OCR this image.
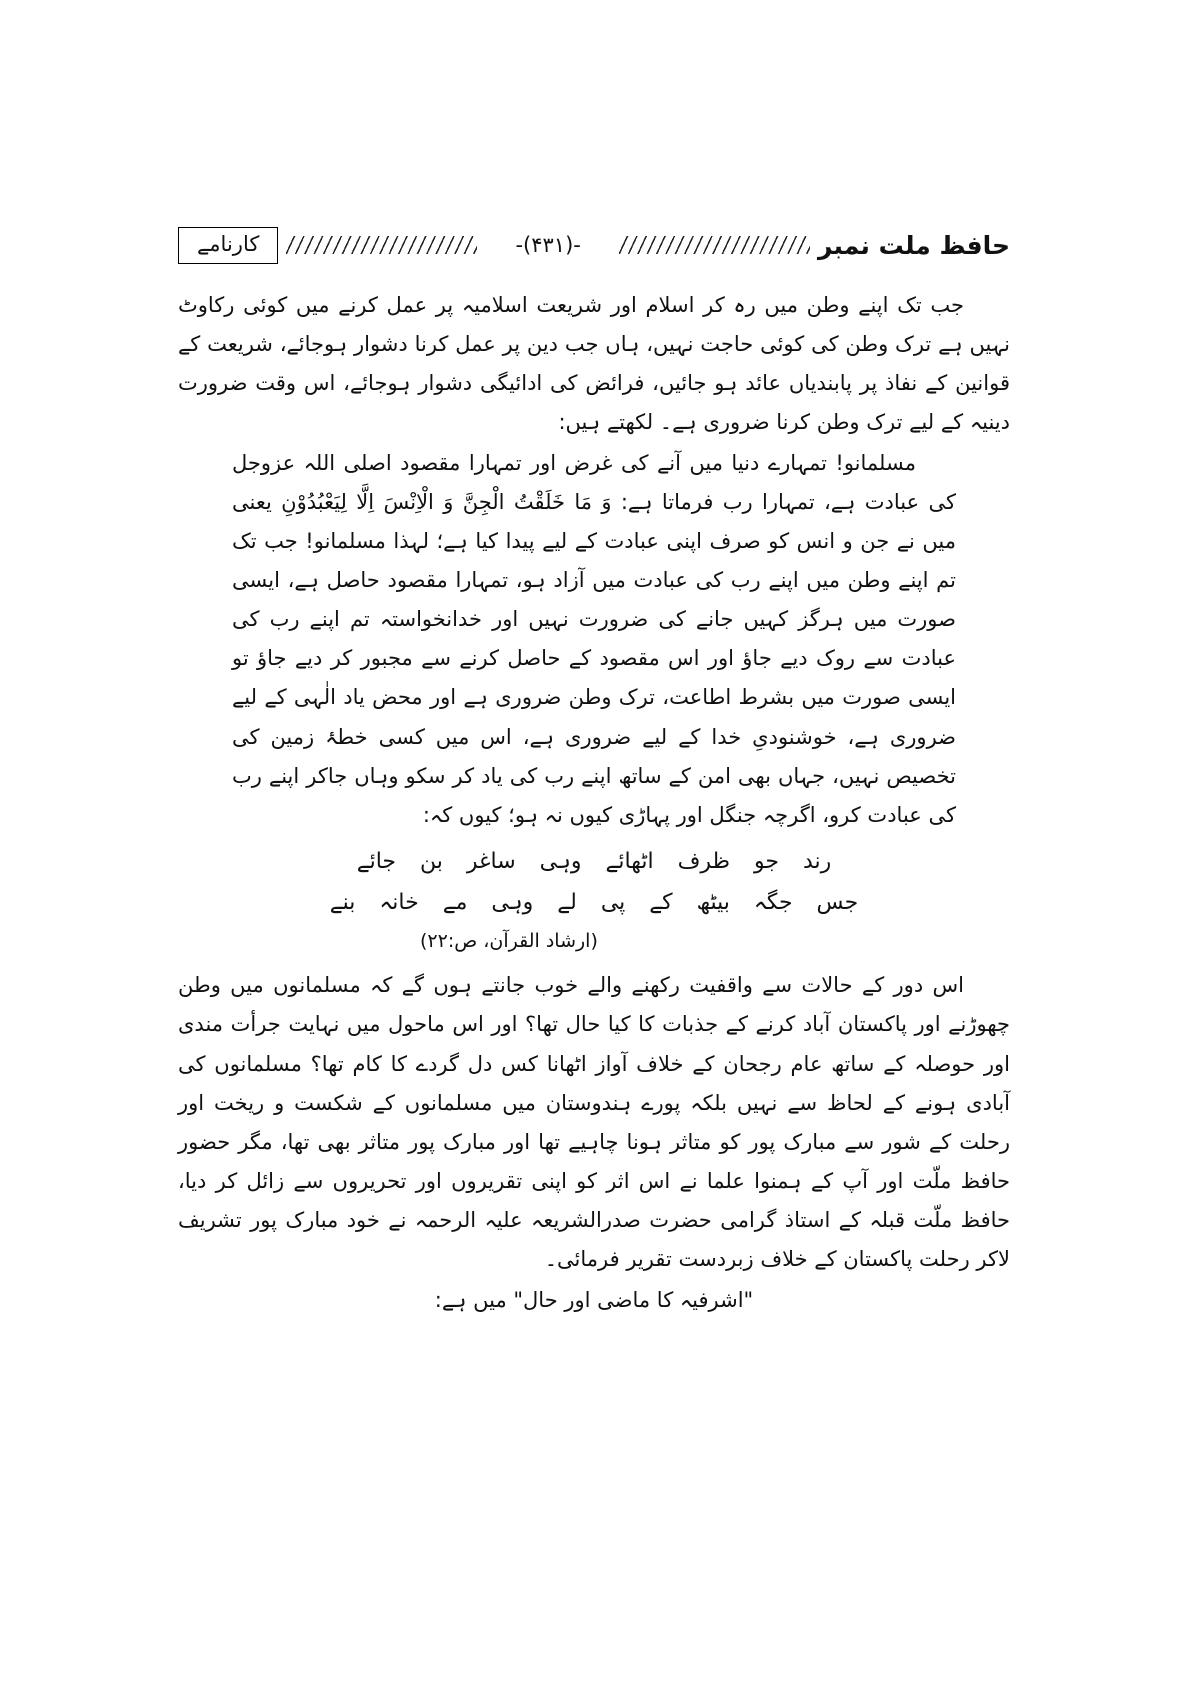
کارنامے	-(۴۳۱)-	حافظ ملت نمبر

جب تک اپنے وطن میں رہ کر اسلام اور شریعت اسلامیہ پر عمل کرنے میں کوئی رکاوٹ نہیں ہے ترک وطن کی کوئی حاجت نہیں، ہاں جب دین پر عمل کرنا دشوار ہوجائے، شریعت کے قوانین کے نفاذ پر پابندیاں عائد ہو جائیں، فرائض کی ادائیگی دشوار ہوجائے، اس وقت ضرورت دینیہ کے لیے ترک وطن کرنا ضروری ہے۔ لکھتے ہیں:

مسلمانو! تمہارے دنیا میں آنے کی غرض اور تمہارا مقصود اصلی اللہ عزوجل کی عبادت ہے، تمہارا رب فرماتا ہے: وَ مَا خَلَقْتُ الْجِنَّ وَ الْاِنْسَ اِلَّا لِیَعْبُدُوْنِ یعنی میں نے جن و انس کو صرف اپنی عبادت کے لیے پیدا کیا ہے؛ لہذا مسلمانو! جب تک تم اپنے وطن میں اپنے رب کی عبادت میں آزاد ہو، تمہارا مقصود حاصل ہے، ایسی صورت میں ہرگز کہیں جانے کی ضرورت نہیں اور خدانخواستہ تم اپنے رب کی عبادت سے روک دیے جاؤ اور اس مقصود کے حاصل کرنے سے مجبور کر دیے جاؤ تو ایسی صورت میں بشرط اطاعت، ترک وطن ضروری ہے اور محض یاد الٰہی کے لیے ضروری ہے، خوشنودیِ خدا کے لیے ضروری ہے، اس میں کسی خطۂ زمین کی تخصیص نہیں، جہاں بھی امن کے ساتھ اپنے رب کی یاد کر سکو وہاں جاکر اپنے رب کی عبادت کرو، اگرچہ جنگل اور پہاڑی کیوں نہ ہو؛ کیوں کہ:

رند جو ظرف اٹھائے وہی ساغر بن جائے
جس جگہ بیٹھ کے پی لے وہی مے خانہ بنے
(ارشاد القرآن، ص:۲۲)

اس دور کے حالات سے واقفیت رکھنے والے خوب جانتے ہوں گے کہ مسلمانوں میں وطن چھوڑنے اور پاکستان آباد کرنے کے جذبات کا کیا حال تھا؟ اور اس ماحول میں نہایت جرأت مندی اور حوصلہ کے ساتھ عام رجحان کے خلاف آواز اٹھانا کس دل گردے کا کام تھا؟ مسلمانوں کی آبادی ہونے کے لحاظ سے نہیں بلکہ پورے ہندوستان میں مسلمانوں کے شکست و ریخت اور رحلت کے شور سے مبارک پور کو متاثر ہونا چاہیے تھا اور مبارک پور متاثر بھی تھا، مگر حضور حافظ ملّت اور آپ کے ہمنوا علما نے اس اثر کو اپنی تقریروں اور تحریروں سے زائل کر دیا، حافظ ملّت قبلہ کے استاذ گرامی حضرت صدرالشریعہ علیہ الرحمہ نے خود مبارک پور تشریف لاکر رحلت پاکستان کے خلاف زبردست تقریر فرمائی۔

"اشرفیہ کا ماضی اور حال" میں ہے:
